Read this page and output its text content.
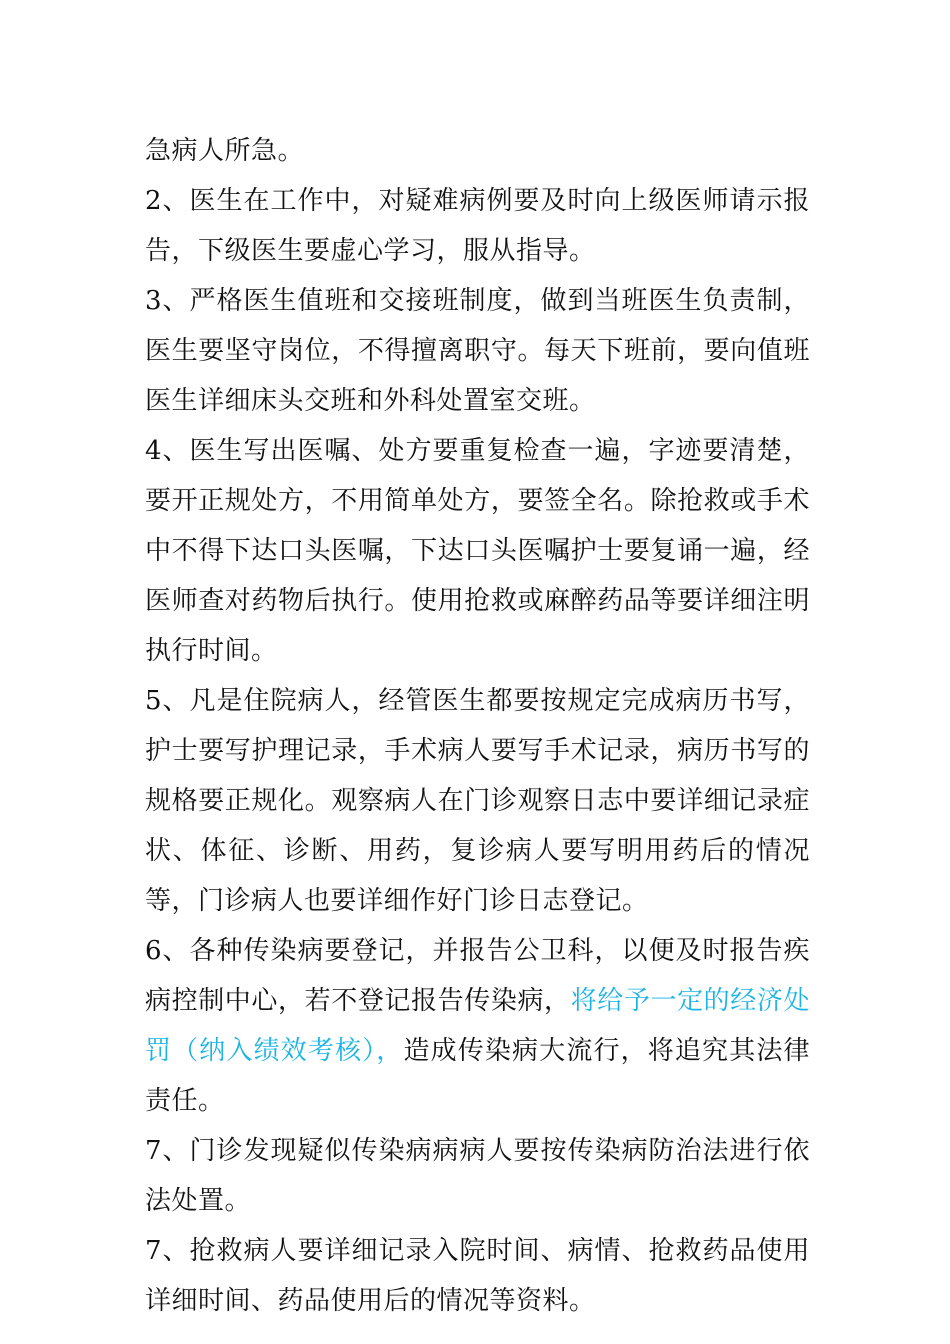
急病人所急。

2、医生在工作中，对疑难病例要及时向上级医师请示报告，下级医生要虚心学习，服从指导。

3、严格医生值班和交接班制度，做到当班医生负责制，医生要坚守岗位，不得擅离职守。每天下班前，要向值班医生详细床头交班和外科处置室交班。

4、医生写出医嘱、处方要重复检查一遍，字迹要清楚，要开正规处方，不用简单处方，要签全名。除抢救或手术中不得下达口头医嘱，下达口头医嘱护士要复诵一遍，经医师查对药物后执行。使用抢救或麻醉药品等要详细注明执行时间。

5、凡是住院病人，经管医生都要按规定完成病历书写，护士要写护理记录，手术病人要写手术记录，病历书写的规格要正规化。观察病人在门诊观察日志中要详细记录症状、体征、诊断、用药，复诊病人要写明用药后的情况等，门诊病人也要详细作好门诊日志登记。

6、各种传染病要登记，并报告公卫科，以便及时报告疾病控制中心，若不登记报告传染病，将给予一定的经济处罚（纳入绩效考核），造成传染病大流行，将追究其法律责任。

7、门诊发现疑似传染病病病人要按传染病防治法进行依法处置。

7、抢救病人要详细记录入院时间、病情、抢救药品使用详细时间、药品使用后的情况等资料。
